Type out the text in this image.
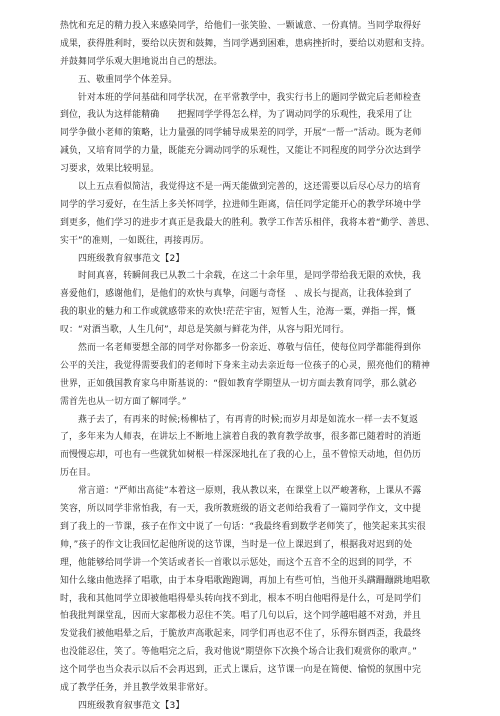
热忱和充足的精力投入来感染同学，给他们一张笑脸、一颗诚意、一份真情。当同学取得好
成果，获得胜利时，要给以庆贺和鼓舞，当同学遇到困难，患病挫折时，要给以劝慰和支持。
并鼓舞同学乐观大胆地说出自己的想法。
五、敬重同学个体差异。
针对本班的学问基础和同学状况，在平常教学中，我实行书上的题同学做完后老师检查
到位，我认为这样能精确　　把握同学学得怎么样，为了调动同学的乐观性，我采用了让
同学争做小老师的策略，让力量强的同学辅导成果差的同学，开展“一帮一”活动。既为老师
减负，又培育同学的力量，既能充分调动同学的乐观性，又能让不同程度的同学分次达到学
习要求，效果比较明显。
以上五点看似简洁，我觉得这不是一两天能做到完善的，这还需要以后尽心尽力的培育
同学的学习爱好，在生活上多关怀同学，拉进师生距离，信任同学定能开心的教学环境中学
到更多，他们学习的进步才真正是我最大的胜利。教学工作苦乐相伴，我将本着“勤学、善思、
实干”的准则，一如既往，再接再厉。
四班级教育叙事范文【2】
时间真喜，转瞬间我已从教二十余载，在这二十余年里，是同学带给我无限的欢快，我
喜爱他们，感谢他们，是他们的欢快与真挚，问题与奇怪　、成长与提高，让我体验到了
我的职业的魅力和工作或就感带来的欢快!茫茫宇宙，短暂人生，沧海一粟，弹指一挥，慨
叹：“对酒当歌，人生几何”，却总是笑颜与鲜花为伴，从容与阳光同行。
然而一名老师要想全部的同学对你都多一份亲近、尊敬与信任，使每位同学都能得到你
公平的关注，我觉得需要我们的老师时下身来主动去亲近每一位孩子的心灵，照亮他们的精神
世界，正如俄国教育家乌申斯基说的：“假如教育学期望从一切方面去教育同学，那么就必
需首先也从一切方面了解同学。”
燕子去了，有再来的时候;杨柳枯了，有再青的时候;而岁月却是如流水一样一去不复返
了，多年来为人师表，在讲坛上不断地上演着自我的教育教学故事，很多都已随着时的消逝
而慢慢忘却，可也有一些就犹如树根一样深深地扎在了我的心上，虽不曾惊天动地，但仍历
历在目。
常言道：“严师出高徒”本着这一原则，我从教以来，在课堂上以严峻著称，上课从不露
笑容，所以同学非常怕我，有一天，我所教班级的语文老师给我看了一篇同学作文，文中提
到了我上的一节课，孩子在作文中说了一句话：“我最终看到数学老师笑了，他笑起来其实很
帅，”孩子的作文让我回忆起他所说的这节课，当时是一位上课迟到了，根据我对迟到的处
理，他能够给同学讲一个笑话或者长一首歌以示惩处，而这个五音不全的迟到的同学，不
知什么缘由他选择了唱歌，由于本身唱歌跑跑调，再加上有些可怕，当他开头蹒跚蹦跳地唱歌
时，我和其他同学立即被他唱得晕头转向找不到北，根本不明白他唱得是什么，可是同学们
怕我批判课堂乱，因而大家都极力忍住不笑。唱了几句以后，这个同学越唱越不对劲，并且
发觉我们被他唱晕之后，于脆放声高歌起来，同学们再也忍不住了，乐得东倒西歪，我最终
也没能忍住，笑了。等他唱完之后，我对他说“期望你下次换个场合让我们观赏你的歌声。”
这个同学也当众表示以后不会再迟到，正式上课后，这节课一向是在简便、愉悦的氛围中完
成了教学任务，并且教学效果非常好。
四班级教育叙事范文【3】
